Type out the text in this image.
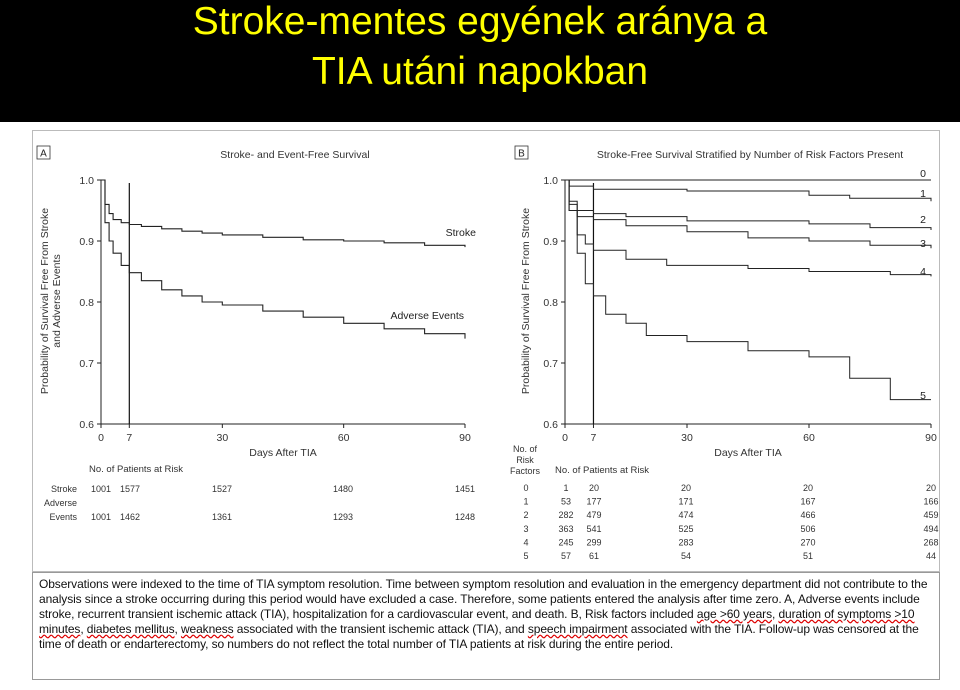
Stroke-mentes egyének aránya a
TIA utáni napokban
A	Stroke- and Event-Free Survival
0.6
0.7
0.8
0.9
1.0
0 7	30	60	90
Days After TIA
Probability of Survival Free From Stroke and Adverse Events
Stroke
Adverse Events
B	Stroke-Free Survival Stratified by Number of Risk Factors Present
0.6
0.7
0.8
0.9
1.0
0 7	30	60	90
Days After TIA
Probability of Survival Free From Stroke
0
1
2
3
4
5
No. of Patients at Risk
Stroke
Adverse
Events
1001 1577	1527	1480	1451
1001 1462	1361	1293	1248
No. of
Risk
Factors No. of Patients at Risk
0	1 20	20	20	20
1	53 177	171	167	166
2	282 479	474	466	459
3	363 541	525	506	494
4	245 299	283	270	268
5	57 61	54	51	44
Observations were indexed to the time of TIA symptom resolution. Time between symptom resolution and evaluation in the emergency department did not contribute to the analysis since a stroke occurring during this period would have excluded a case. Therefore, some patients entered the analysis after time zero. A, Adverse events include stroke, recurrent transient ischemic attack (TIA), hospitalization for a cardiovascular event, and death. B, Risk factors included age >60 years, duration of symptoms >10 minutes, diabetes mellitus, weakness associated with the transient ischemic attack (TIA), and speech impairment associated with the TIA. Follow-up was censored at the time of death or endarterectomy, so numbers do not reflect the total number of TIA patients at risk during the entire period.
